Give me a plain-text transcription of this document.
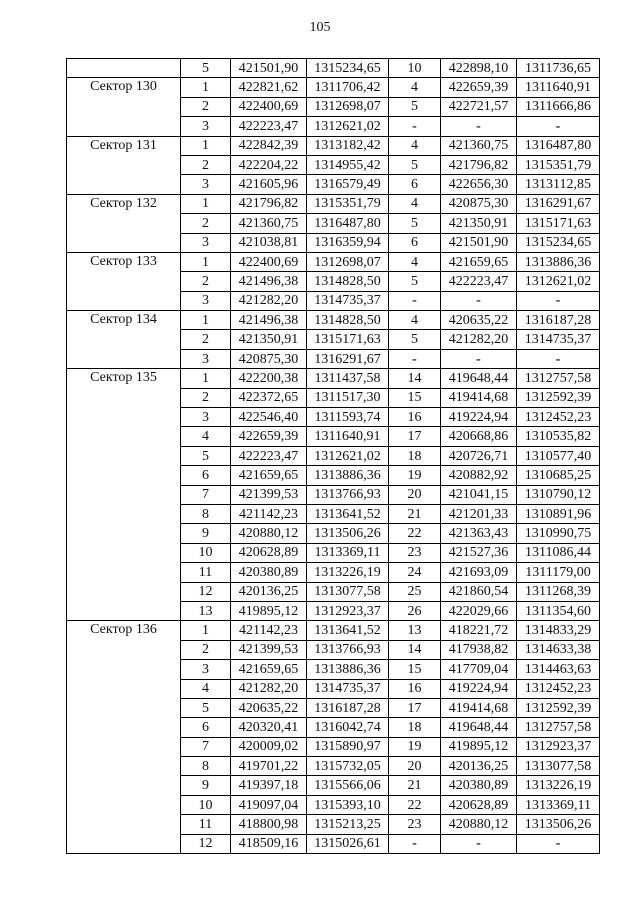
105
	5	421501,90	1315234,65	10	422898,10	1311736,65
Сектор 130	1	422821,62	1311706,42	4	422659,39	1311640,91
	2	422400,69	1312698,07	5	422721,57	1311666,86
	3	422223,47	1312621,02	-	-	-
Сектор 131	1	422842,39	1313182,42	4	421360,75	1316487,80
	2	422204,22	1314955,42	5	421796,82	1315351,79
	3	421605,96	1316579,49	6	422656,30	1313112,85
Сектор 132	1	421796,82	1315351,79	4	420875,30	1316291,67
	2	421360,75	1316487,80	5	421350,91	1315171,63
	3	421038,81	1316359,94	6	421501,90	1315234,65
Сектор 133	1	422400,69	1312698,07	4	421659,65	1313886,36
	2	421496,38	1314828,50	5	422223,47	1312621,02
	3	421282,20	1314735,37	-	-	-
Сектор 134	1	421496,38	1314828,50	4	420635,22	1316187,28
	2	421350,91	1315171,63	5	421282,20	1314735,37
	3	420875,30	1316291,67	-	-	-
Сектор 135	1	422200,38	1311437,58	14	419648,44	1312757,58
	2	422372,65	1311517,30	15	419414,68	1312592,39
	3	422546,40	1311593,74	16	419224,94	1312452,23
	4	422659,39	1311640,91	17	420668,86	1310535,82
	5	422223,47	1312621,02	18	420726,71	1310577,40
	6	421659,65	1313886,36	19	420882,92	1310685,25
	7	421399,53	1313766,93	20	421041,15	1310790,12
	8	421142,23	1313641,52	21	421201,33	1310891,96
	9	420880,12	1313506,26	22	421363,43	1310990,75
	10	420628,89	1313369,11	23	421527,36	1311086,44
	11	420380,89	1313226,19	24	421693,09	1311179,00
	12	420136,25	1313077,58	25	421860,54	1311268,39
	13	419895,12	1312923,37	26	422029,66	1311354,60
Сектор 136	1	421142,23	1313641,52	13	418221,72	1314833,29
	2	421399,53	1313766,93	14	417938,82	1314633,38
	3	421659,65	1313886,36	15	417709,04	1314463,63
	4	421282,20	1314735,37	16	419224,94	1312452,23
	5	420635,22	1316187,28	17	419414,68	1312592,39
	6	420320,41	1316042,74	18	419648,44	1312757,58
	7	420009,02	1315890,97	19	419895,12	1312923,37
	8	419701,22	1315732,05	20	420136,25	1313077,58
	9	419397,18	1315566,06	21	420380,89	1313226,19
	10	419097,04	1315393,10	22	420628,89	1313369,11
	11	418800,98	1315213,25	23	420880,12	1313506,26
	12	418509,16	1315026,61	-	-	-
